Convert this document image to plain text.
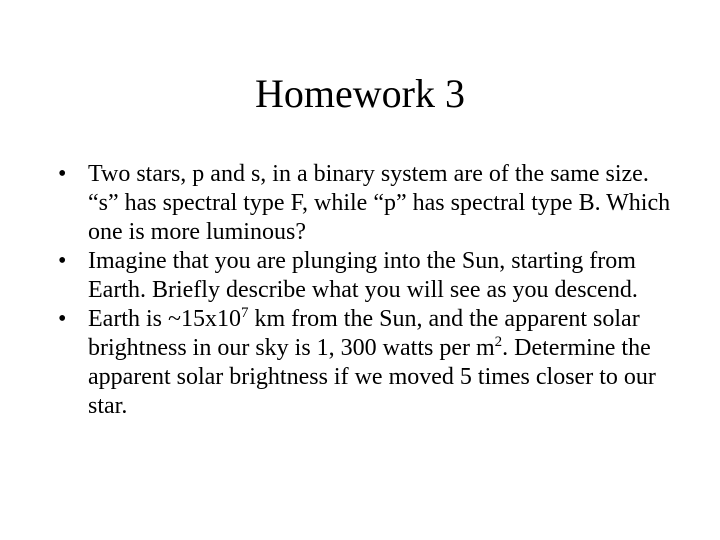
Homework 3
• Two stars, p and s, in a binary system are of the same size. “s” has spectral type F, while “p” has spectral type B. Which one is more luminous?
• Imagine that you are plunging into the Sun, starting from Earth. Briefly describe what you will see as you descend.
• Earth is $\sim 15x10^7$ km from the Sun, and the apparent solar brightness in our sky is 1, 300 watts per $m^2$. Determine the apparent solar brightness if we moved 5 times closer to our star.
